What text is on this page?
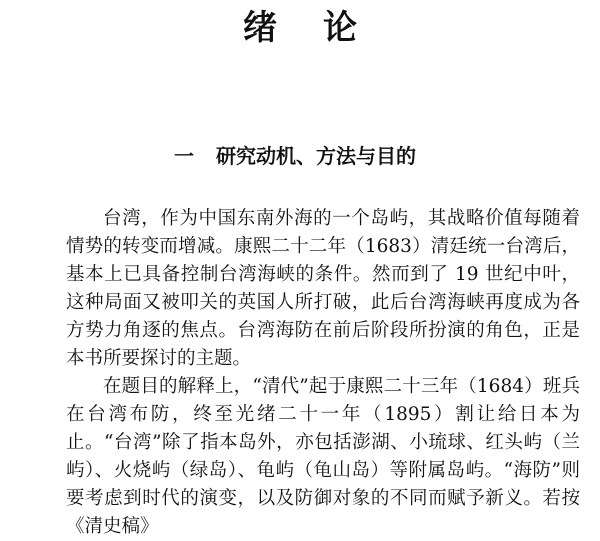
绪 论
一 研究动机、方法与目的

台湾，作为中国东南外海的一个岛屿，其战略价值每随着情势的转变而增减。康熙二十二年（1683）清廷统一台湾后，基本上已具备控制台湾海峡的条件。然而到了 19 世纪中叶，这种局面又被叩关的英国人所打破，此后台湾海峡再度成为各方势力角逐的焦点。台湾海防在前后阶段所扮演的角色，正是本书所要探讨的主题。

在题目的解释上，“清代”起于康熙二十三年（1684）班兵在台湾布防，终至光绪二十一年（1895）割让给日本为止。“台湾”除了指本岛外，亦包括澎湖、小琉球、红头屿（兰屿）、火烧屿（绿岛）、龟屿（龟山岛）等附属岛屿。“海防”则要考虑到时代的演变，以及防御对象的不同而赋予新义。若按《清史稿》
